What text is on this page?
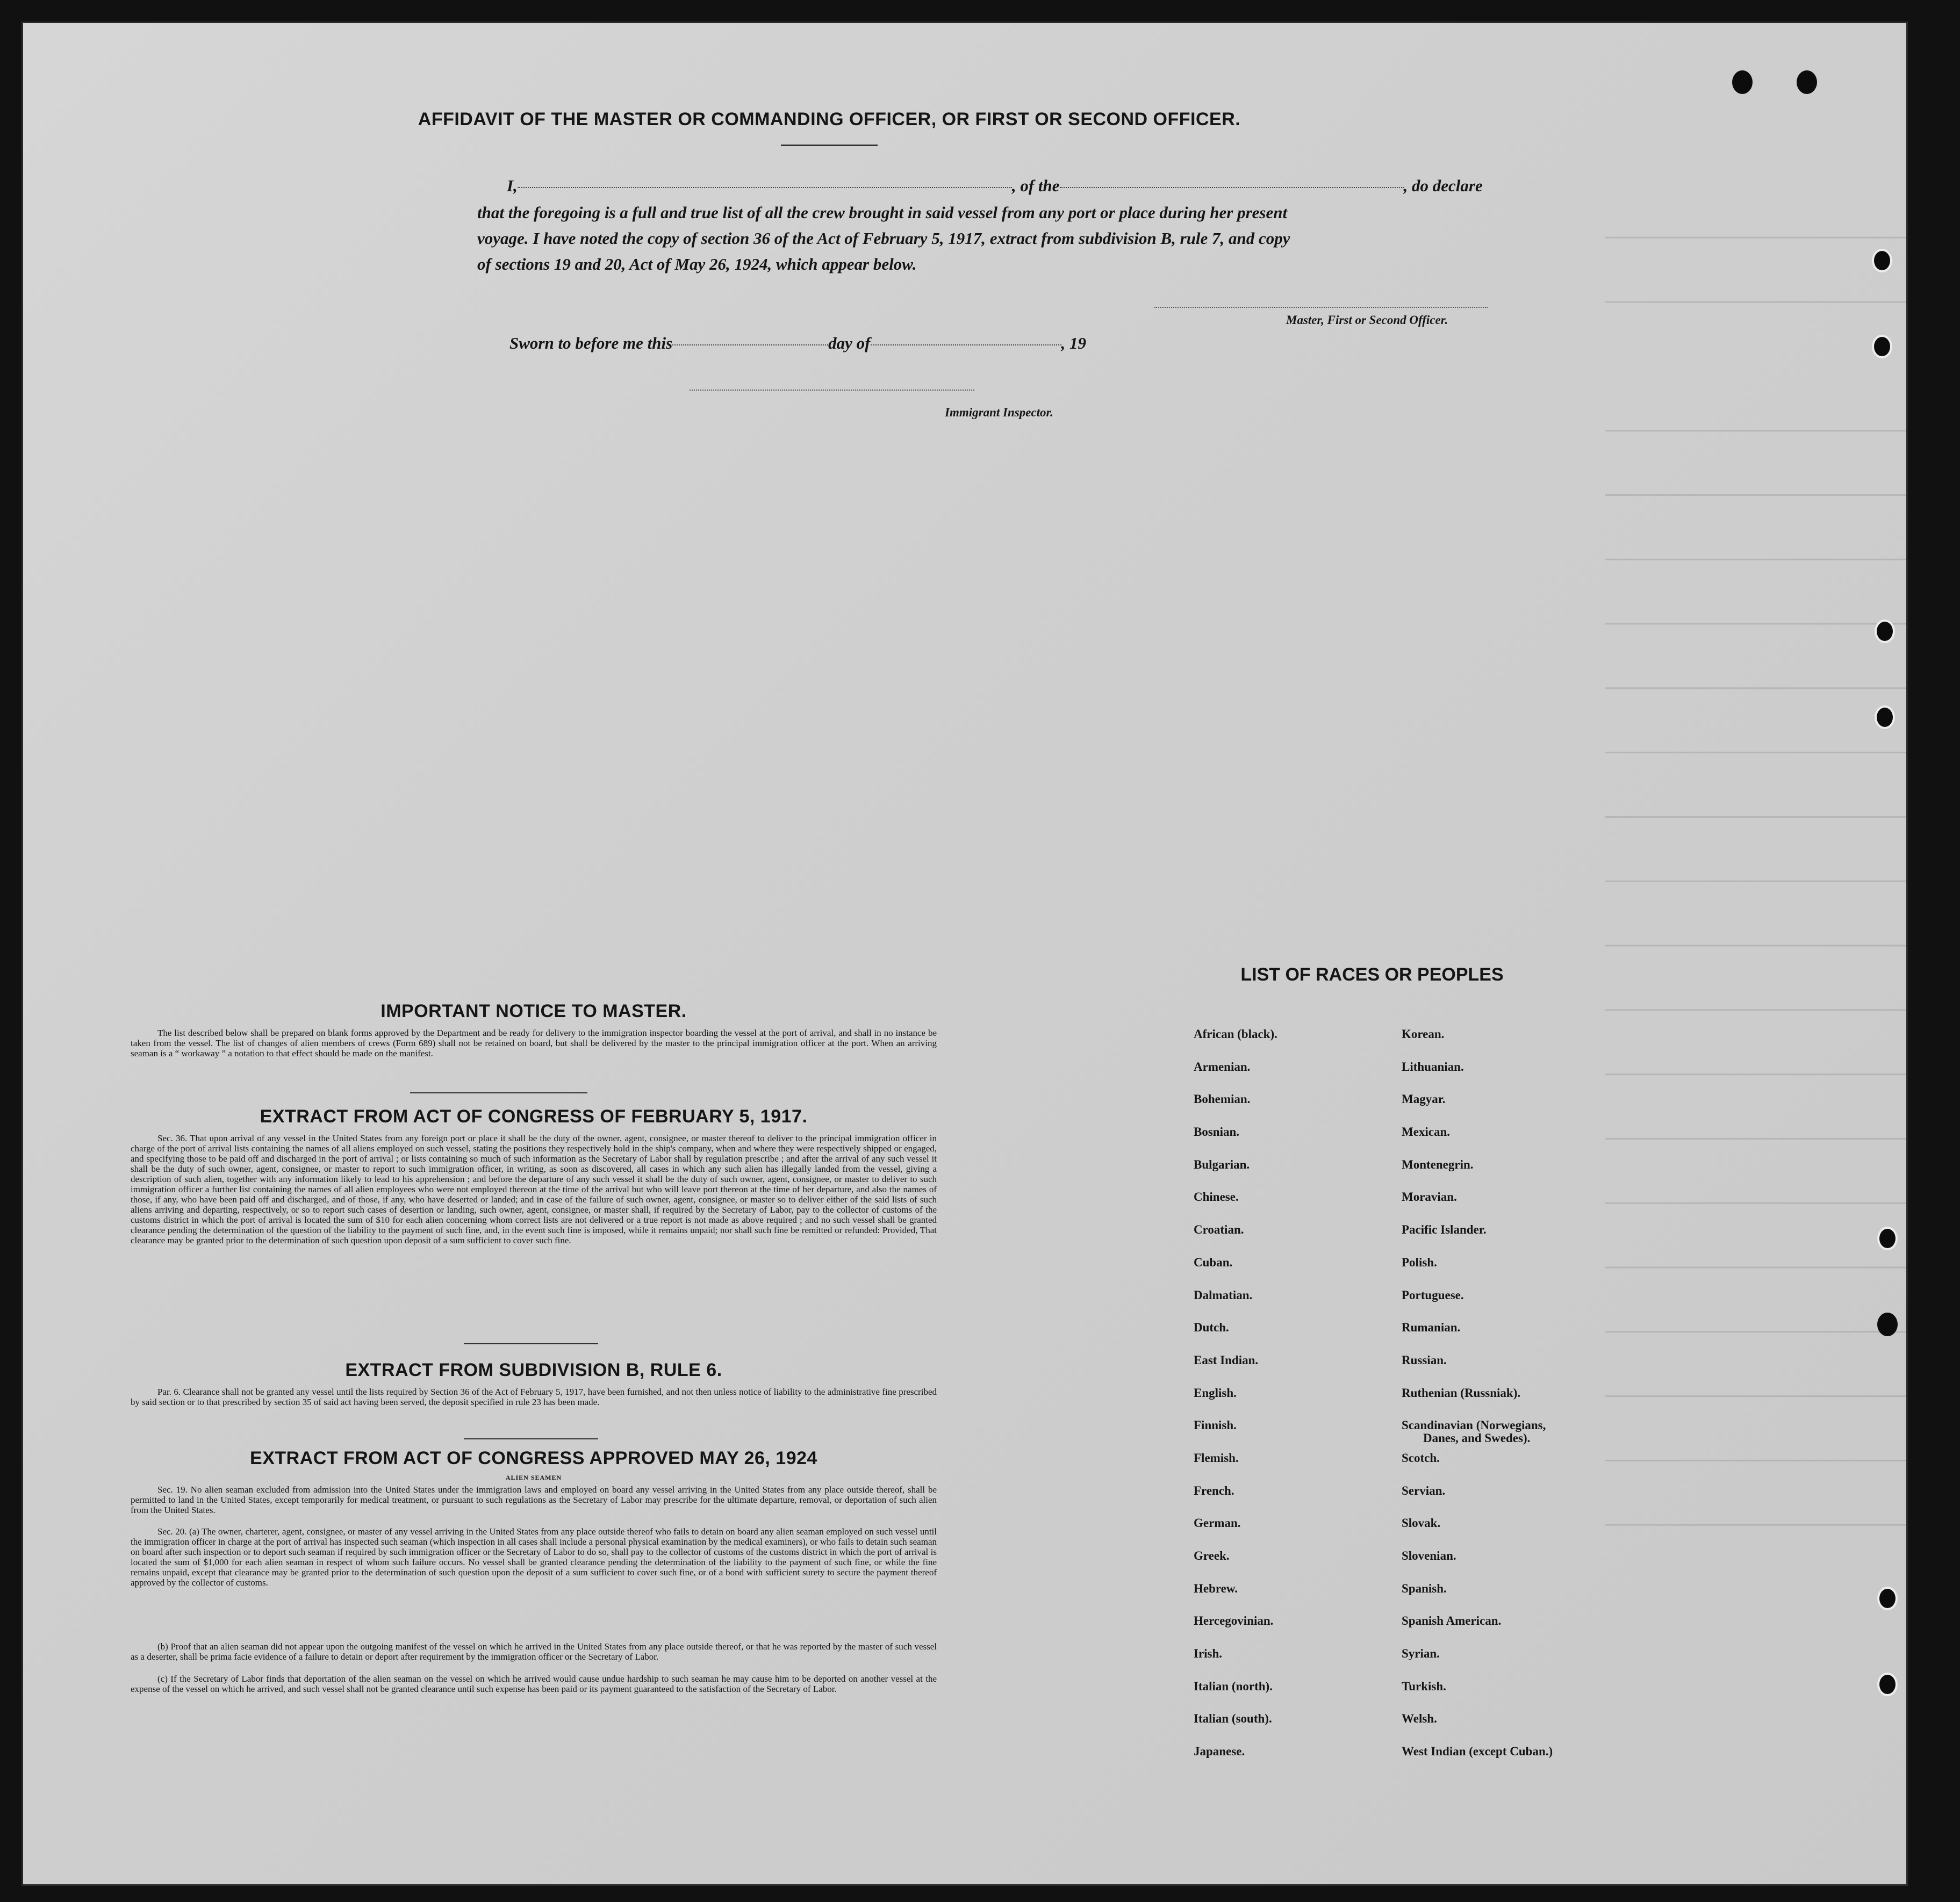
AFFIDAVIT OF THE MASTER OR COMMANDING OFFICER, OR FIRST OR SECOND OFFICER.
I,	, of the	, do declare
that the foregoing is a full and true list of all the crew brought in said vessel from any port or place during her present
voyage. I have noted the copy of section 36 of the Act of February 5, 1917, extract from subdivision B, rule 7, and copy
of sections 19 and 20, Act of May 26, 1924, which appear below.
Master, First or Second Officer.
Sworn to before me this	day of	, 19
Immigrant Inspector.
IMPORTANT NOTICE TO MASTER.
The list described below shall be prepared on blank forms approved by the Department and be ready for delivery to the immigration inspector boarding the vessel at the port of arrival, and shall in no instance be taken from the vessel. The list of changes of alien members of crews (Form 689) shall not be retained on board, but shall be delivered by the master to the principal immigration officer at the port. When an arriving seaman is a “ workaway ” a notation to that effect should be made on the manifest.
EXTRACT FROM ACT OF CONGRESS OF FEBRUARY 5, 1917.
Sec. 36. That upon arrival of any vessel in the United States from any foreign port or place it shall be the duty of the owner, agent, consignee, or master thereof to deliver to the principal immigration officer in charge of the port of arrival lists containing the names of all aliens employed on such vessel, stating the positions they respectively hold in the ship's company, when and where they were respectively shipped or engaged, and specifying those to be paid off and discharged in the port of arrival ; or lists containing so much of such information as the Secretary of Labor shall by regulation prescribe ; and after the arrival of any such vessel it shall be the duty of such owner, agent, consignee, or master to report to such immigration officer, in writing, as soon as discovered, all cases in which any such alien has illegally landed from the vessel, giving a description of such alien, together with any information likely to lead to his apprehension ; and before the departure of any such vessel it shall be the duty of such owner, agent, consignee, or master to deliver to such immigration officer a further list containing the names of all alien employees who were not employed thereon at the time of the arrival but who will leave port thereon at the time of her departure, and also the names of those, if any, who have been paid off and discharged, and of those, if any, who have deserted or landed; and in case of the failure of such owner, agent, consignee, or master so to deliver either of the said lists of such aliens arriving and departing, respectively, or so to report such cases of desertion or landing, such owner, agent, consignee, or master shall, if required by the Secretary of Labor, pay to the collector of customs of the customs district in which the port of arrival is located the sum of $10 for each alien concerning whom correct lists are not delivered or a true report is not made as above required ; and no such vessel shall be granted clearance pending the determination of the question of the liability to the payment of such fine, and, in the event such fine is imposed, while it remains unpaid; nor shall such fine be remitted or refunded: Provided, That clearance may be granted prior to the determination of such question upon deposit of a sum sufficient to cover such fine.
EXTRACT FROM SUBDIVISION B, RULE 6.
Par. 6. Clearance shall not be granted any vessel until the lists required by Section 36 of the Act of February 5, 1917, have been furnished, and not then unless notice of liability to the administrative fine prescribed by said section or to that prescribed by section 35 of said act having been served, the deposit specified in rule 23 has been made.
EXTRACT FROM ACT OF CONGRESS APPROVED MAY 26, 1924
ALIEN SEAMEN
Sec. 19. No alien seaman excluded from admission into the United States under the immigration laws and employed on board any vessel arriving in the United States from any place outside thereof, shall be permitted to land in the United States, except temporarily for medical treatment, or pursuant to such regulations as the Secretary of Labor may prescribe for the ultimate departure, removal, or deportation of such alien from the United States.
Sec. 20. (a) The owner, charterer, agent, consignee, or master of any vessel arriving in the United States from any place outside thereof who fails to detain on board any alien seaman employed on such vessel until the immigration officer in charge at the port of arrival has inspected such seaman (which inspection in all cases shall include a personal physical examination by the medical examiners), or who fails to detain such seaman on board after such inspection or to deport such seaman if required by such immigration officer or the Secretary of Labor to do so, shall pay to the collector of customs of the customs district in which the port of arrival is located the sum of $1,000 for each alien seaman in respect of whom such failure occurs. No vessel shall be granted clearance pending the determination of the liability to the payment of such fine, or while the fine remains unpaid, except that clearance may be granted prior to the determination of such question upon the deposit of a sum sufficient to cover such fine, or of a bond with sufficient surety to secure the payment thereof approved by the collector of customs.
(b) Proof that an alien seaman did not appear upon the outgoing manifest of the vessel on which he arrived in the United States from any place outside thereof, or that he was reported by the master of such vessel as a deserter, shall be prima facie evidence of a failure to detain or deport after requirement by the immigration officer or the Secretary of Labor.
(c) If the Secretary of Labor finds that deportation of the alien seaman on the vessel on which he arrived would cause undue hardship to such seaman he may cause him to be deported on another vessel at the expense of the vessel on which he arrived, and such vessel shall not be granted clearance until such expense has been paid or its payment guaranteed to the satisfaction of the Secretary of Labor.
LIST OF RACES OR PEOPLES
African (black).
Armenian.
Bohemian.
Bosnian.
Bulgarian.
Chinese.
Croatian.
Cuban.
Dalmatian.
Dutch.
East Indian.
English.
Finnish.
Flemish.
French.
German.
Greek.
Hebrew.
Hercegovinian.
Irish.
Italian (north).
Italian (south).
Japanese.
Korean.
Lithuanian.
Magyar.
Mexican.
Montenegrin.
Moravian.
Pacific Islander.
Polish.
Portuguese.
Rumanian.
Russian.
Ruthenian (Russniak).
Scandinavian (Norwegians,
Danes, and Swedes).
Scotch.
Servian.
Slovak.
Slovenian.
Spanish.
Spanish American.
Syrian.
Turkish.
Welsh.
West Indian (except Cuban.)
